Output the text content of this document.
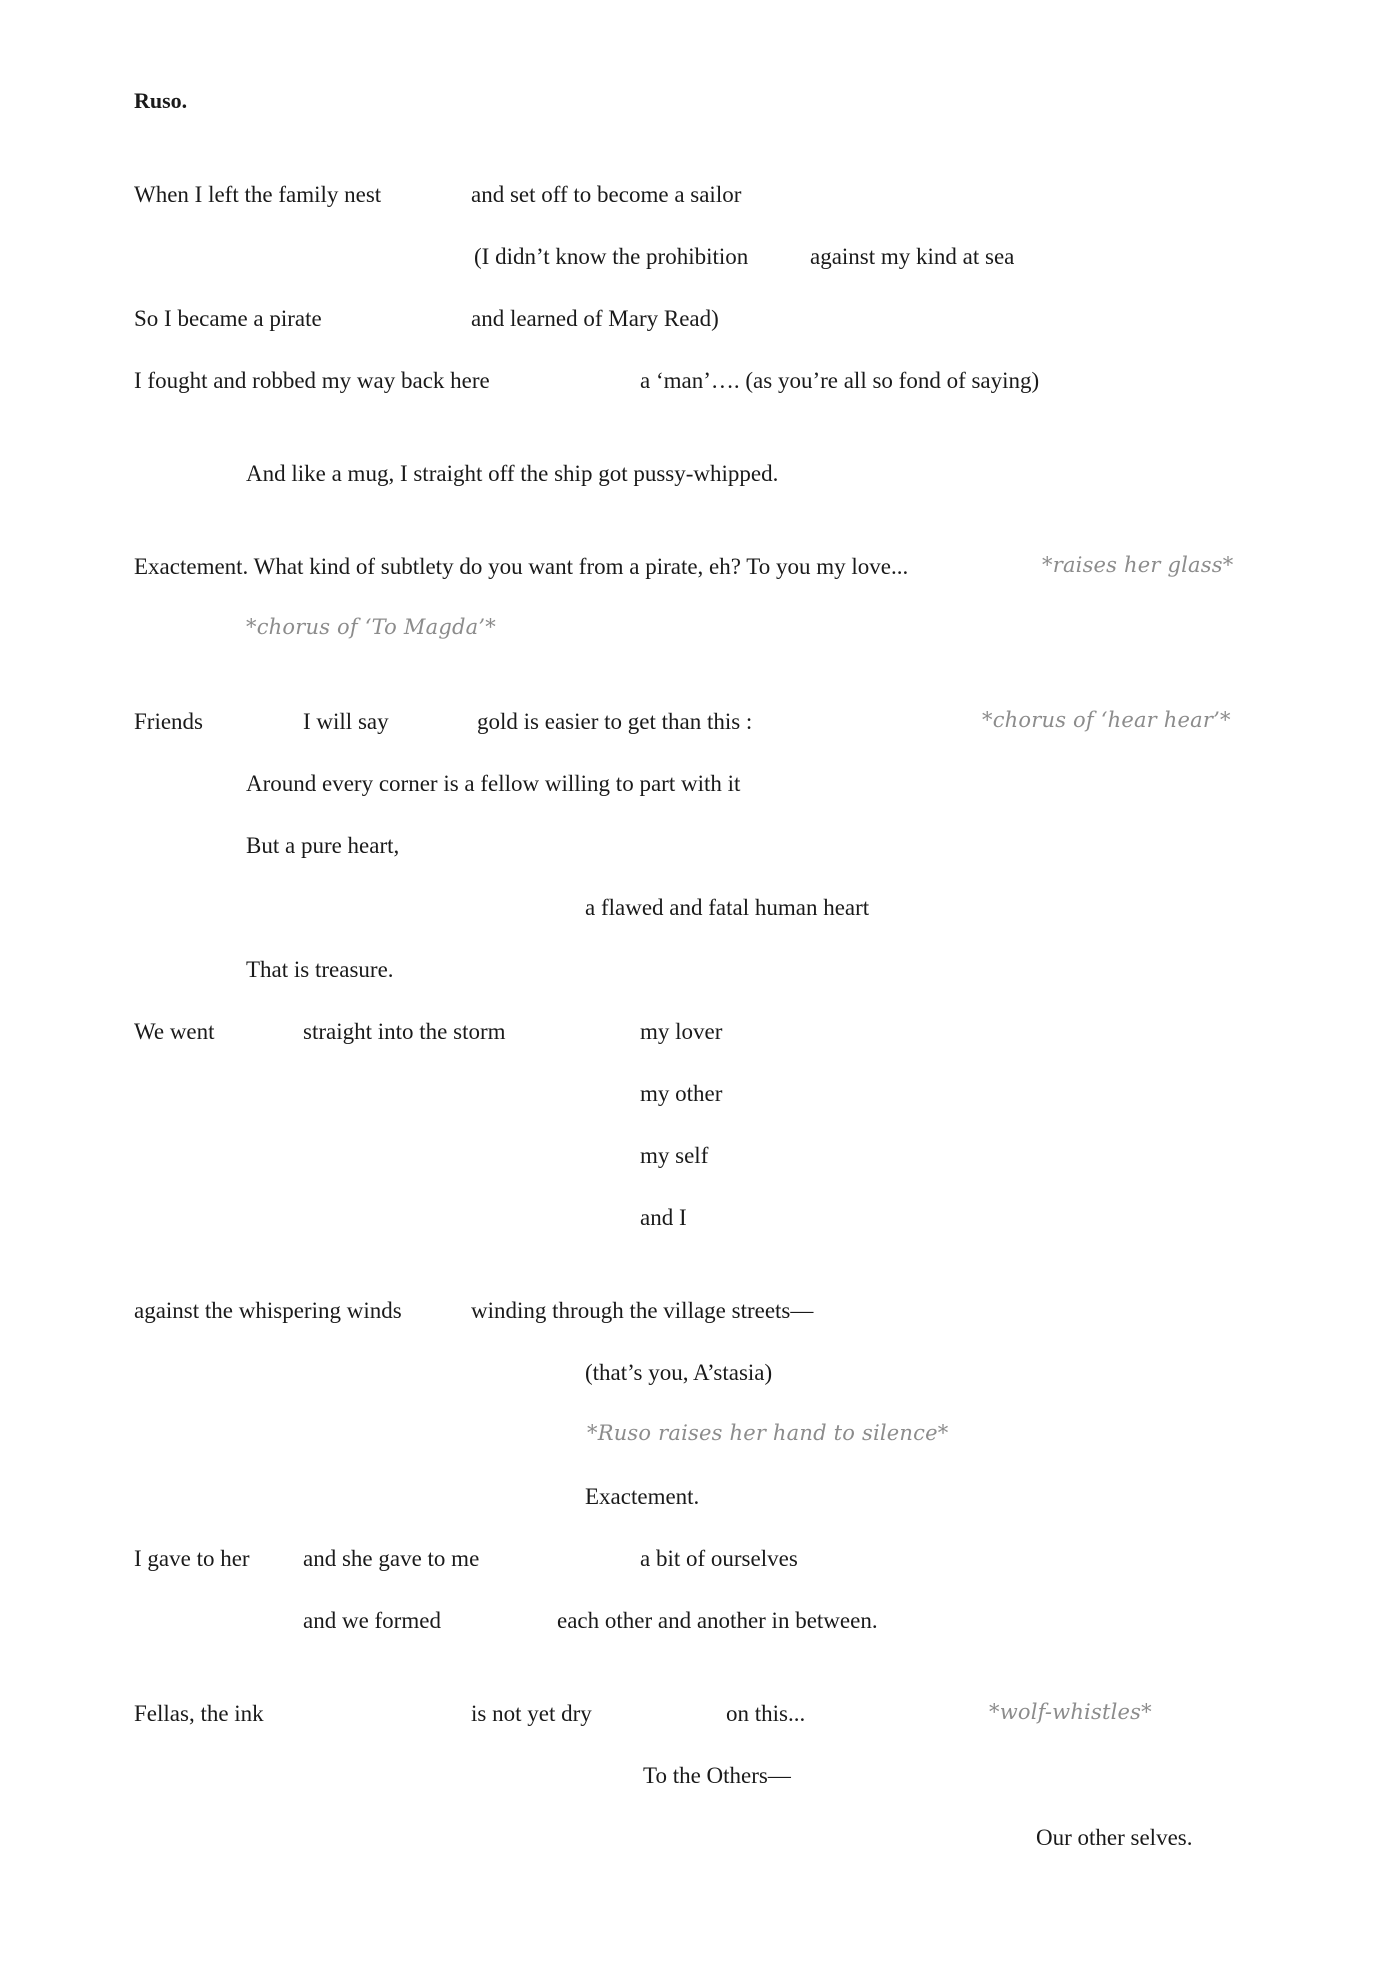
Ruso.
When I left the family nest	and set off to become a sailor
(I didn’t know the prohibition	against my kind at sea
So I became a pirate	and learned of Mary Read)
I fought and robbed my way back here	a ‘man’…. (as you’re all so fond of saying)
And like a mug, I straight off the ship got pussy-whipped.
Exactement. What kind of subtlety do you want from a pirate, eh? To you my love...	*raises her glass*
*chorus of ‘To Magda’*
Friends	I will say	gold is easier to get than this :	*chorus of ‘hear hear’*
Around every corner is a fellow willing to part with it
But a pure heart,
a flawed and fatal human heart
That is treasure.
We went	straight into the storm	my lover
my other
my self
and I
against the whispering winds	winding through the village streets—
(that’s you, A’stasia)
*Ruso raises her hand to silence*
Exactement.
I gave to her and she gave to me	a bit of ourselves
and we formed	each other and another in between.
Fellas, the ink	is not yet dry	on this...	*wolf-whistles*
To the Others—
Our other selves.
